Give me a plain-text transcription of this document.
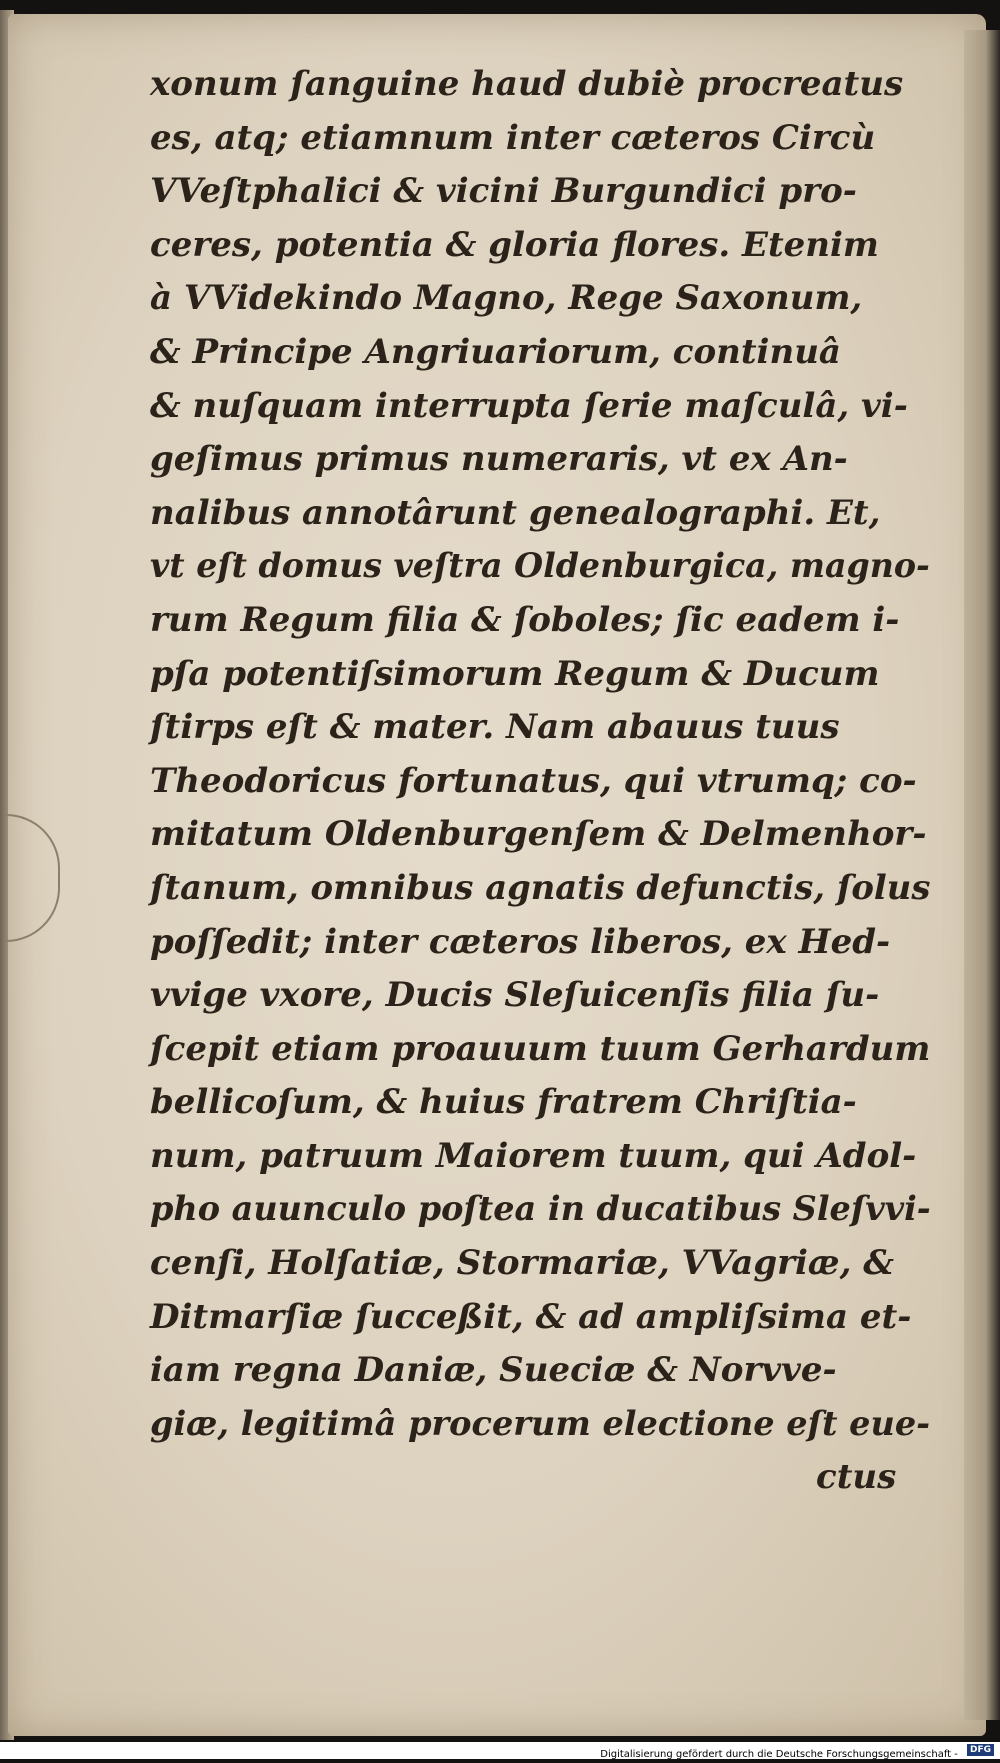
xonum ſanguine haud dubiè procreatus
es, atq; etiamnum inter cæteros Circù
VVeſtphalici & vicini Burgundici pro-
ceres, potentia & gloria flores. Etenim
à VVidekindo Magno, Rege Saxonum,
& Principe Angriuariorum, continuâ
& nuſquam interrupta ſerie maſculâ, vi-
geſimus primus numeraris, vt ex An-
nalibus annotârunt genealographi. Et,
vt eſt domus veſtra Oldenburgica, magno-
rum Regum filia & ſoboles; ſic eadem i-
pſa potentiſsimorum Regum & Ducum
ſtirps eſt & mater. Nam abauus tuus
Theodoricus fortunatus, qui vtrumq; co-
mitatum Oldenburgenſem & Delmenhor-
ſtanum, omnibus agnatis defunctis, ſolus
poſſedit; inter cæteros liberos, ex Hed-
vvige vxore, Ducis Sleſuicenſis filia ſu-
ſcepit etiam proauuum tuum Gerhardum
bellicoſum, & huius fratrem Chriſtia-
num, patruum Maiorem tuum, qui Adol-
pho auunculo poſtea in ducatibus Sleſvvi-
cenſi, Holſatiæ, Stormariæ, VVagriæ, &
Ditmarſiæ ſucceßit, & ad ampliſsima et-
iam regna Daniæ, Sueciæ & Norvve-
giæ, legitimâ procerum electione eſt eue-
ctus
Digitalisierung gefördert durch die Deutsche Forschungsgemeinschaft - DFG
